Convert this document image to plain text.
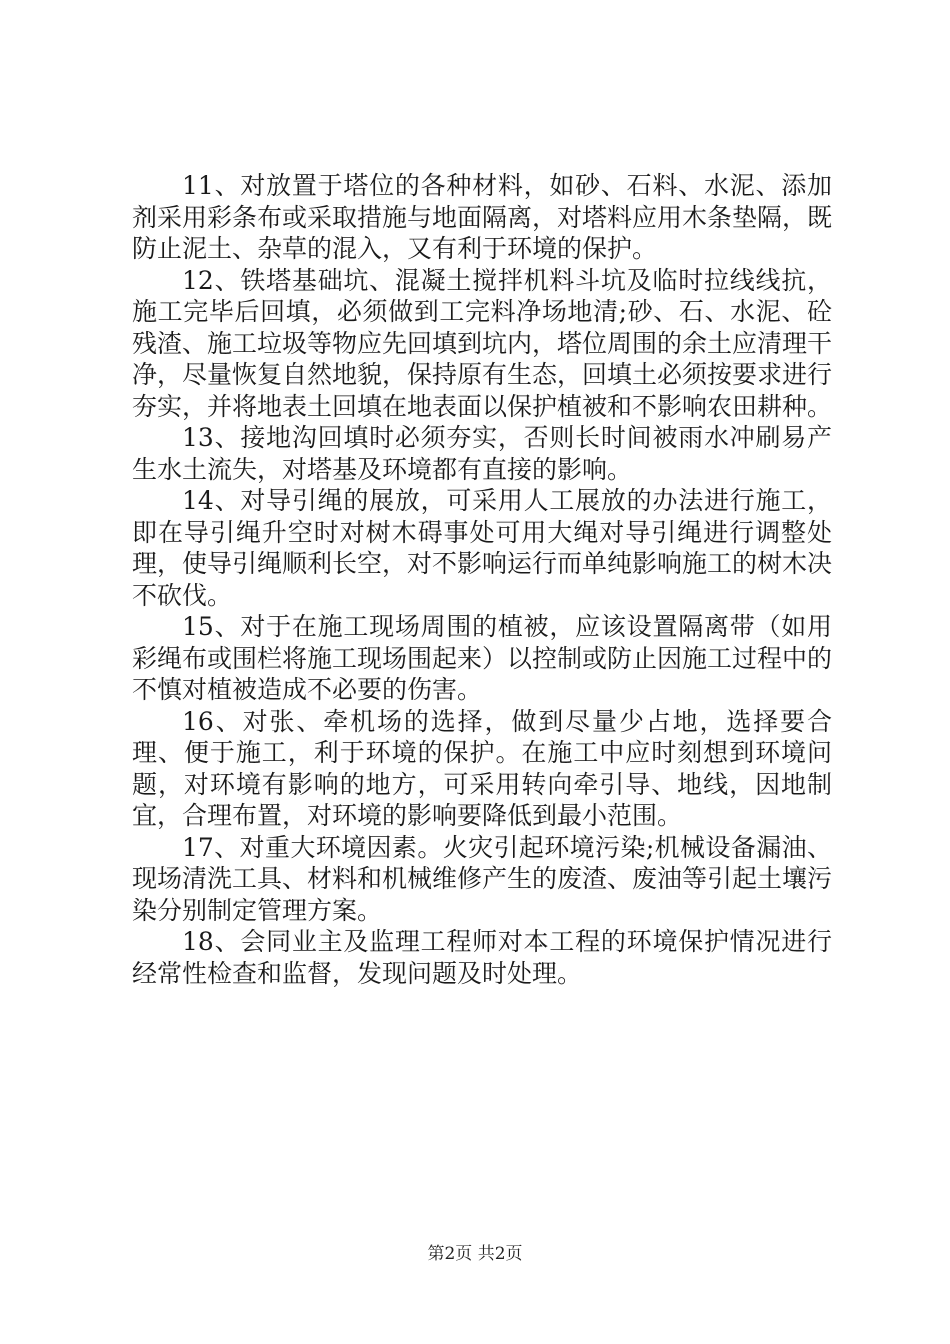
11、对放置于塔位的各种材料，如砂、石料、水泥、添加剂采用彩条布或采取措施与地面隔离，对塔料应用木条垫隔，既防止泥土、杂草的混入，又有利于环境的保护。

12、铁塔基础坑、混凝土搅拌机料斗坑及临时拉线线抗，施工完毕后回填，必须做到工完料净场地清;砂、石、水泥、砼残渣、施工垃圾等物应先回填到坑内，塔位周围的余土应清理干净，尽量恢复自然地貌，保持原有生态，回填土必须按要求进行夯实，并将地表土回填在地表面以保护植被和不影响农田耕种。

13、接地沟回填时必须夯实，否则长时间被雨水冲刷易产生水土流失，对塔基及环境都有直接的影响。

14、对导引绳的展放，可采用人工展放的办法进行施工，即在导引绳升空时对树木碍事处可用大绳对导引绳进行调整处理，使导引绳顺利长空，对不影响运行而单纯影响施工的树木决不砍伐。

15、对于在施工现场周围的植被，应该设置隔离带（如用彩绳布或围栏将施工现场围起来）以控制或防止因施工过程中的不慎对植被造成不必要的伤害。

16、对张、牵机场的选择，做到尽量少占地，选择要合理、便于施工，利于环境的保护。在施工中应时刻想到环境问题，对环境有影响的地方，可采用转向牵引导、地线，因地制宜，合理布置，对环境的影响要降低到最小范围。

17、对重大环境因素。火灾引起环境污染;机械设备漏油、现场清洗工具、材料和机械维修产生的废渣、废油等引起土壤污染分别制定管理方案。

18、会同业主及监理工程师对本工程的环境保护情况进行经常性检查和监督，发现问题及时处理。

第2页 共2页
